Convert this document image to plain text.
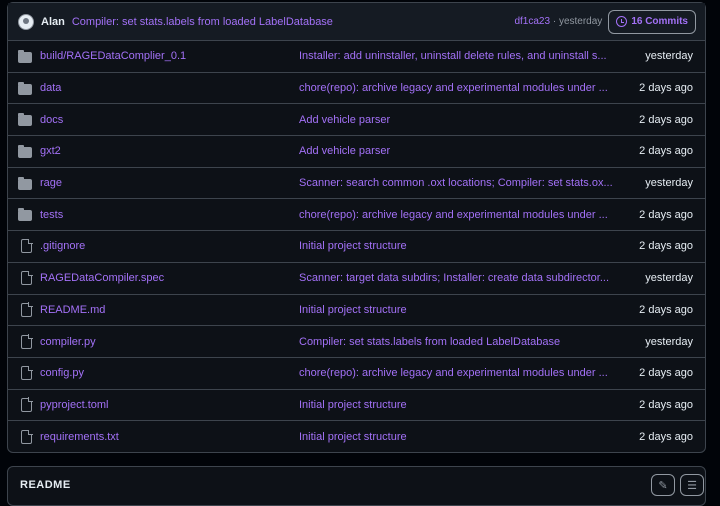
Alan Compiler: set stats.labels from loaded LabelDatabase	df1ca23 · yesterday	16 Commits
build/RAGEDataComplier_0.1	Installer: add uninstaller, uninstall delete rules, and uninstall s...	yesterday
data	chore(repo): archive legacy and experimental modules under ...	2 days ago
docs	Add vehicle parser	2 days ago
gxt2	Add vehicle parser	2 days ago
rage	Scanner: search common .oxt locations; Compiler: set stats.ox...	yesterday
tests	chore(repo): archive legacy and experimental modules under ...	2 days ago
.gitignore	Initial project structure	2 days ago
RAGEDataCompiler.spec	Scanner: target data subdirs; Installer: create data subdirector...	yesterday
README.md	Initial project structure	2 days ago
compiler.py	Compiler: set stats.labels from loaded LabelDatabase	yesterday
config.py	chore(repo): archive legacy and experimental modules under ...	2 days ago
pyproject.toml	Initial project structure	2 days ago
requirements.txt	Initial project structure	2 days ago
README	✎ ☰
